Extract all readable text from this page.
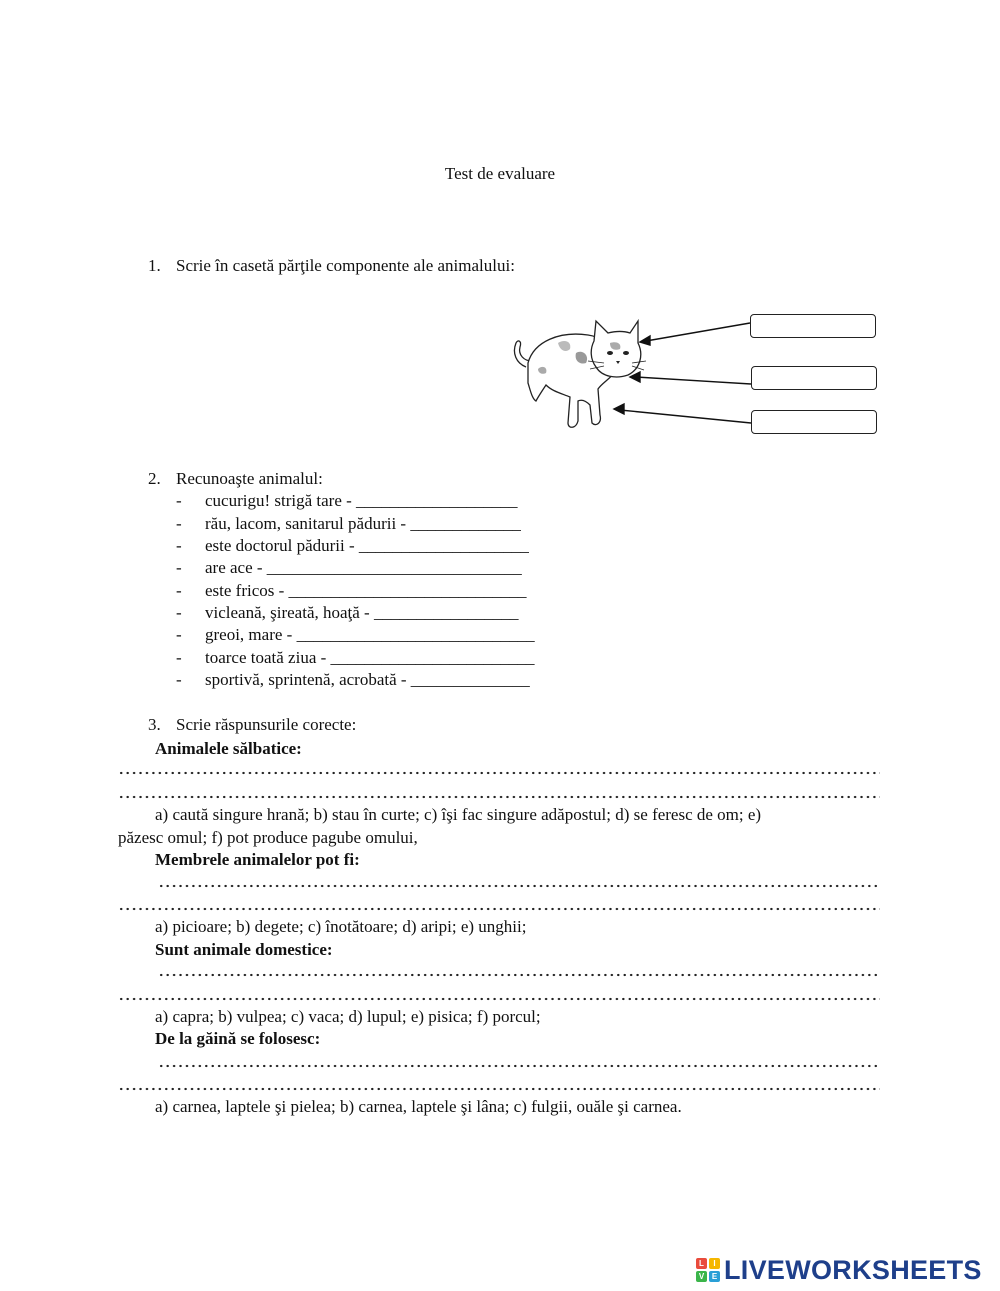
Test de evaluare
1. Scrie în casetă părţile componente ale animalului:
2. Recunoaşte animalul:
- cucurigu! strigă tare - ___________________
- rău, lacom, sanitarul pădurii - _____________
- este doctorul pădurii - ____________________
- are ace - ______________________________
- este fricos - ____________________________
- vicleană, şireată, hoaţă - _________________
- greoi, mare - ____________________________
- toarce toată ziua - ________________________
- sportivă, sprintenă, acrobată - ______________
3. Scrie răspunsurile corecte:
Animalele sălbatice:
a) caută singure hrană; b) stau în curte; c) îşi fac singure adăpostul; d) se feresc de om; e)
păzesc omul; f) pot produce pagube omului,
Membrele animalelor pot fi:
a) picioare; b) degete; c) înotătoare; d) aripi; e) unghii;
Sunt animale domestice:
a) capra; b) vulpea; c) vaca; d) lupul; e) pisica; f) porcul;
De la găină se folosesc:
a) carnea, laptele şi pielea; b) carnea, laptele şi lâna; c) fulgii, ouăle şi carnea.
L	I
V E LIVEWORKSHEETS
